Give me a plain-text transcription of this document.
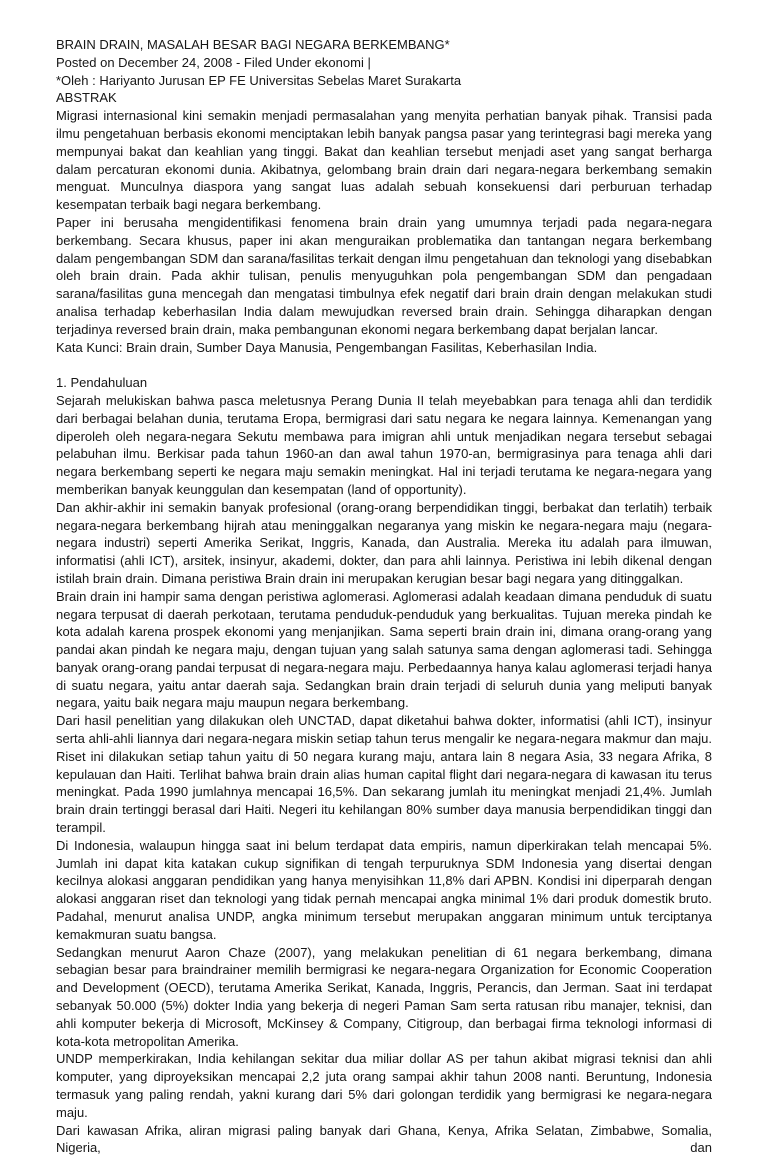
BRAIN DRAIN, MASALAH BESAR BAGI NEGARA BERKEMBANG*
Posted on December 24, 2008 - Filed Under ekonomi |
*Oleh : Hariyanto Jurusan EP FE Universitas Sebelas Maret Surakarta
ABSTRAK

Migrasi internasional kini semakin menjadi permasalahan yang menyita perhatian banyak pihak. Transisi pada ilmu pengetahuan berbasis ekonomi menciptakan lebih banyak pangsa pasar yang terintegrasi bagi mereka yang mempunyai bakat dan keahlian yang tinggi. Bakat dan keahlian tersebut menjadi aset yang sangat berharga dalam percaturan ekonomi dunia. Akibatnya, gelombang brain drain dari negara-negara berkembang semakin menguat. Munculnya diaspora yang sangat luas adalah sebuah konsekuensi dari perburuan terhadap kesempatan terbaik bagi negara berkembang.

Paper ini berusaha mengidentifikasi fenomena brain drain yang umumnya terjadi pada negara-negara berkembang. Secara khusus, paper ini akan menguraikan problematika dan tantangan negara berkembang dalam pengembangan SDM dan sarana/fasilitas terkait dengan ilmu pengetahuan dan teknologi yang disebabkan oleh brain drain. Pada akhir tulisan, penulis menyuguhkan pola pengembangan SDM dan pengadaan sarana/fasilitas guna mencegah dan mengatasi timbulnya efek negatif dari brain drain dengan melakukan studi analisa terhadap keberhasilan India dalam mewujudkan reversed brain drain. Sehingga diharapkan dengan terjadinya reversed brain drain, maka pembangunan ekonomi negara berkembang dapat berjalan lancar.

Kata Kunci: Brain drain, Sumber Daya Manusia, Pengembangan Fasilitas, Keberhasilan India.

1. Pendahuluan

Sejarah melukiskan bahwa pasca meletusnya Perang Dunia II telah meyebabkan para tenaga ahli dan terdidik dari berbagai belahan dunia, terutama Eropa, bermigrasi dari satu negara ke negara lainnya. Kemenangan yang diperoleh oleh negara-negara Sekutu membawa para imigran ahli untuk menjadikan negara tersebut sebagai pelabuhan ilmu. Berkisar pada tahun 1960-an dan awal tahun 1970-an, bermigrasinya para tenaga ahli dari negara berkembang seperti ke negara maju semakin meningkat. Hal ini terjadi terutama ke negara-negara yang memberikan banyak keunggulan dan kesempatan (land of opportunity).

Dan akhir-akhir ini semakin banyak profesional (orang-orang berpendidikan tinggi, berbakat dan terlatih) terbaik negara-negara berkembang hijrah atau meninggalkan negaranya yang miskin ke negara-negara maju (negara-negara industri) seperti Amerika Serikat, Inggris, Kanada, dan Australia. Mereka itu adalah para ilmuwan, informatisi (ahli ICT), arsitek, insinyur, akademi, dokter, dan para ahli lainnya. Peristiwa ini lebih dikenal dengan istilah brain drain. Dimana peristiwa Brain drain ini merupakan kerugian besar bagi negara yang ditinggalkan.

Brain drain ini hampir sama dengan peristiwa aglomerasi. Aglomerasi adalah keadaan dimana penduduk di suatu negara terpusat di daerah perkotaan, terutama penduduk-penduduk yang berkualitas. Tujuan mereka pindah ke kota adalah karena prospek ekonomi yang menjanjikan. Sama seperti brain drain ini, dimana orang-orang yang pandai akan pindah ke negara maju, dengan tujuan yang salah satunya sama dengan aglomerasi tadi. Sehingga banyak orang-orang pandai terpusat di negara-negara maju. Perbedaannya hanya kalau aglomerasi terjadi hanya di suatu negara, yaitu antar daerah saja. Sedangkan brain drain terjadi di seluruh dunia yang meliputi banyak negara, yaitu baik negara maju maupun negara berkembang.

Dari hasil penelitian yang dilakukan oleh UNCTAD, dapat diketahui bahwa dokter, informatisi (ahli ICT), insinyur serta ahli-ahli liannya dari negara-negara miskin setiap tahun terus mengalir ke negara-negara makmur dan maju. Riset ini dilakukan setiap tahun yaitu di 50 negara kurang maju, antara lain 8 negara Asia, 33 negara Afrika, 8 kepulauan dan Haiti. Terlihat bahwa brain drain alias human capital flight dari negara-negara di kawasan itu terus meningkat. Pada 1990 jumlahnya mencapai 16,5%. Dan sekarang jumlah itu meningkat menjadi 21,4%. Jumlah brain drain tertinggi berasal dari Haiti. Negeri itu kehilangan 80% sumber daya manusia berpendidikan tinggi dan terampil.

Di Indonesia, walaupun hingga saat ini belum terdapat data empiris, namun diperkirakan telah mencapai 5%. Jumlah ini dapat kita katakan cukup signifikan di tengah terpuruknya SDM Indonesia yang disertai dengan kecilnya alokasi anggaran pendidikan yang hanya menyisihkan 11,8% dari APBN. Kondisi ini diperparah dengan alokasi anggaran riset dan teknologi yang tidak pernah mencapai angka minimal 1% dari produk domestik bruto. Padahal, menurut analisa UNDP, angka minimum tersebut merupakan anggaran minimum untuk terciptanya kemakmuran suatu bangsa.

Sedangkan menurut Aaron Chaze (2007), yang melakukan penelitian di 61 negara berkembang, dimana sebagian besar para braindrainer memilih bermigrasi ke negara-negara Organization for Economic Cooperation and Development (OECD), terutama Amerika Serikat, Kanada, Inggris, Perancis, dan Jerman. Saat ini terdapat sebanyak 50.000 (5%) dokter India yang bekerja di negeri Paman Sam serta ratusan ribu manajer, teknisi, dan ahli komputer bekerja di Microsoft, McKinsey & Company, Citigroup, dan berbagai firma teknologi informasi di kota-kota metropolitan Amerika.

UNDP memperkirakan, India kehilangan sekitar dua miliar dollar AS per tahun akibat migrasi teknisi dan ahli komputer, yang diproyeksikan mencapai 2,2 juta orang sampai akhir tahun 2008 nanti. Beruntung, Indonesia termasuk yang paling rendah, yakni kurang dari 5% dari golongan terdidik yang bermigrasi ke negara-negara maju.

Dari kawasan Afrika, aliran migrasi paling banyak dari Ghana, Kenya, Afrika Selatan, Zimbabwe, Somalia, Nigeria, dan
